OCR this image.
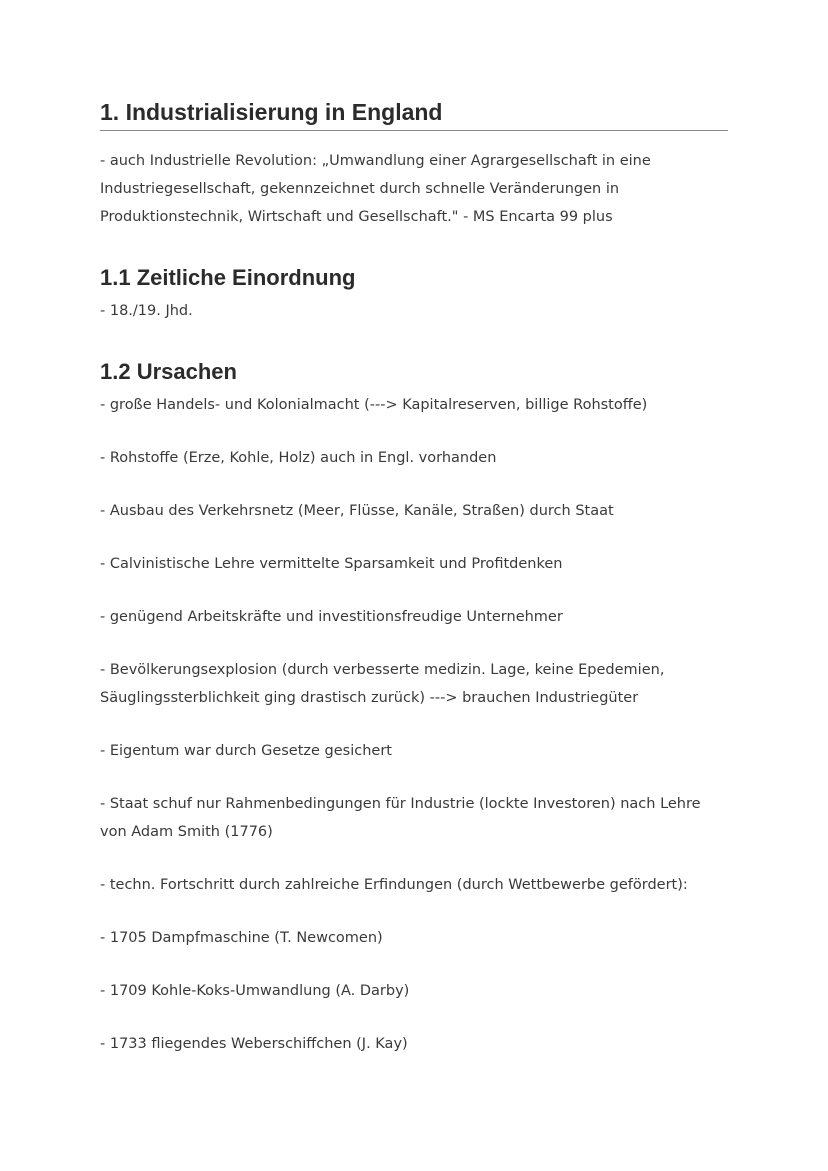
1. Industrialisierung in England

- auch Industrielle Revolution: „Umwandlung einer Agrargesellschaft in eine Industriegesellschaft, gekennzeichnet durch schnelle Veränderungen in Produktionstechnik, Wirtschaft und Gesellschaft." - MS Encarta 99 plus

1.1 Zeitliche Einordnung

- 18./19. Jhd.

1.2 Ursachen

- große Handels- und Kolonialmacht (---> Kapitalreserven, billige Rohstoffe)

- Rohstoffe (Erze, Kohle, Holz) auch in Engl. vorhanden

- Ausbau des Verkehrsnetz (Meer, Flüsse, Kanäle, Straßen) durch Staat

- Calvinistische Lehre vermittelte Sparsamkeit und Profitdenken

- genügend Arbeitskräfte und investitionsfreudige Unternehmer

- Bevölkerungsexplosion (durch verbesserte medizin. Lage, keine Epedemien, Säuglingssterblichkeit ging drastisch zurück) ---> brauchen Industriegüter

- Eigentum war durch Gesetze gesichert

- Staat schuf nur Rahmenbedingungen für Industrie (lockte Investoren) nach Lehre von Adam Smith (1776)

- techn. Fortschritt durch zahlreiche Erfindungen (durch Wettbewerbe gefördert):

- 1705 Dampfmaschine (T. Newcomen)

- 1709 Kohle-Koks-Umwandlung (A. Darby)

- 1733 fliegendes Weberschiffchen (J. Kay)
